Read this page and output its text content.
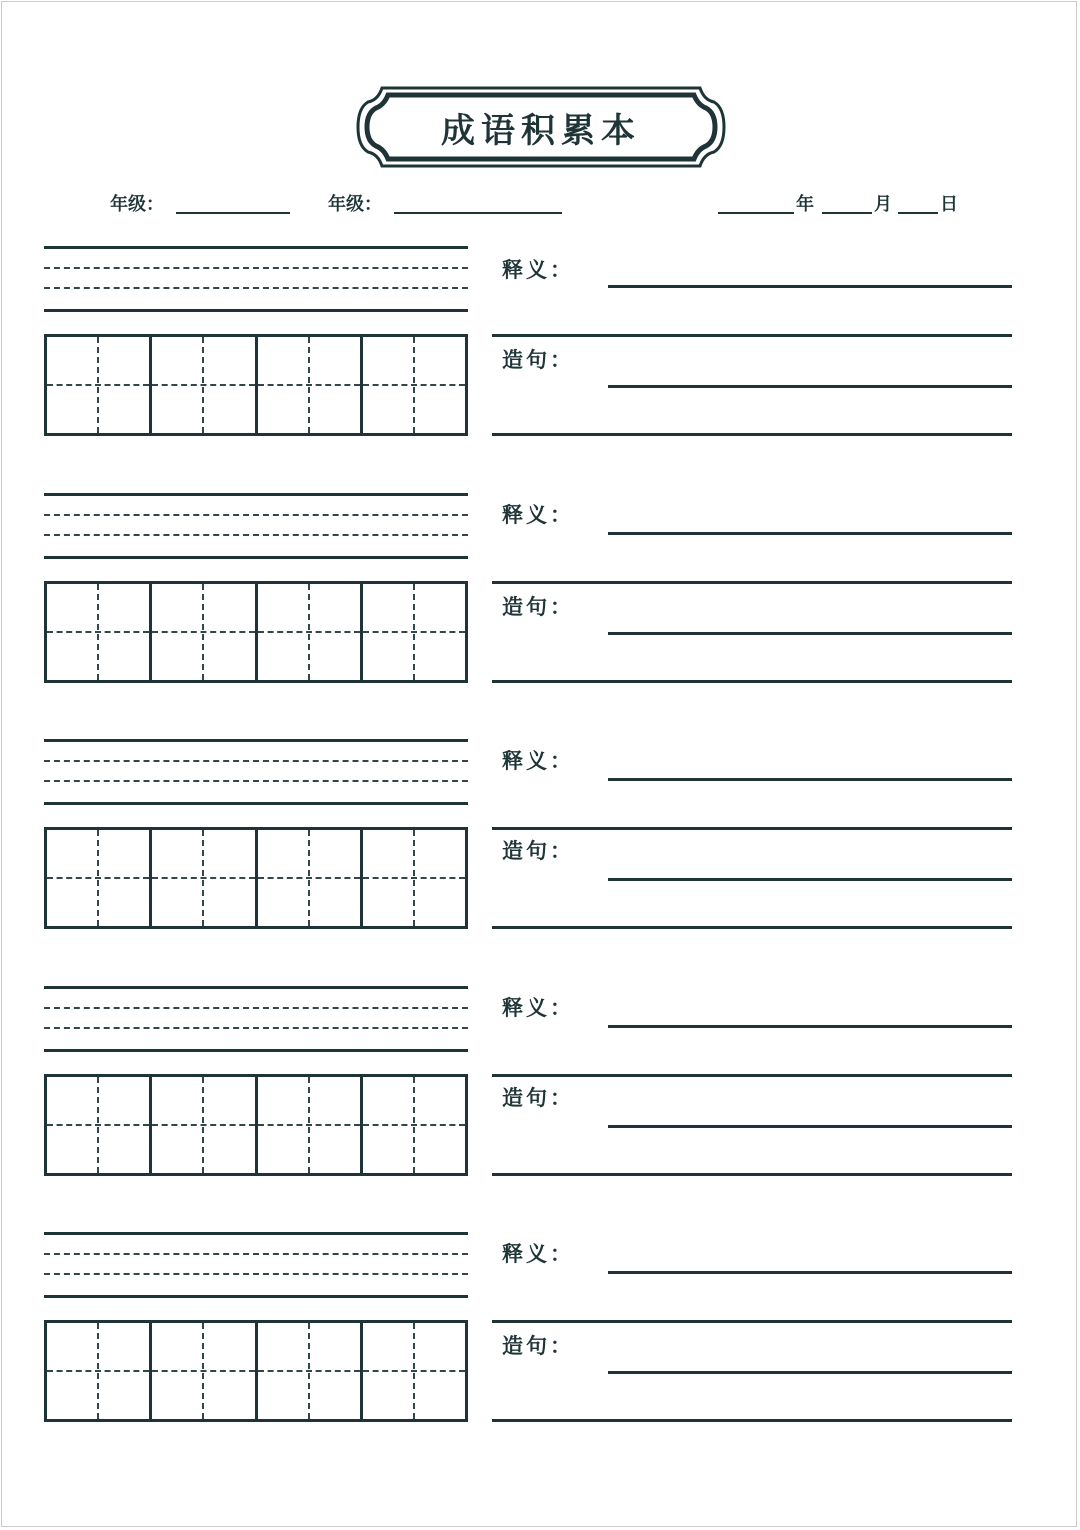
成语积累本
年级：	年级：	年	月	日
释义：
造句：
释义：
造句：
释义：
造句：
释义：
造句：
释义：
造句：
